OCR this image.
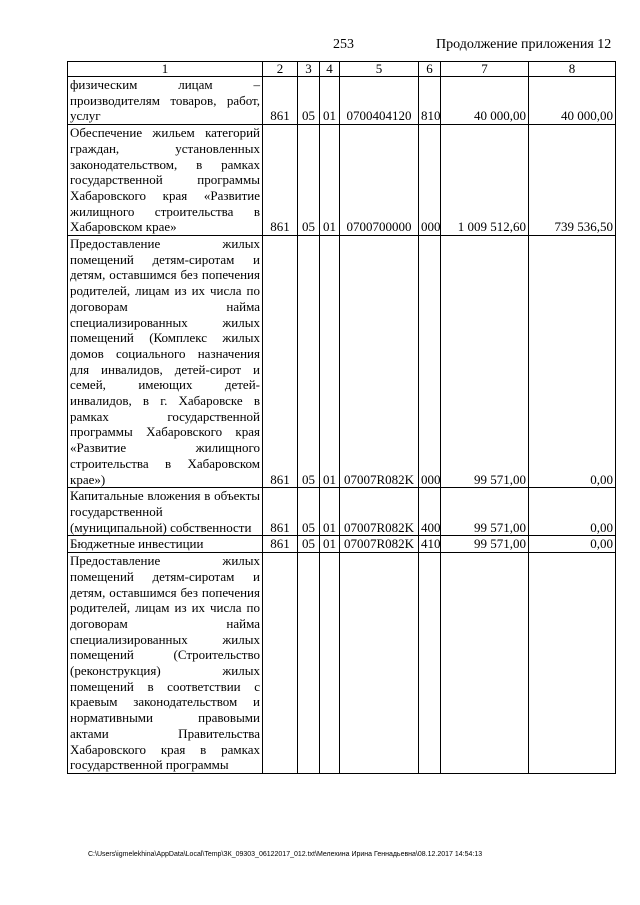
253	Продолжение приложения 12
1	2	3	4	5	6	7	8
физическим лицам – производителям товаров, работ, услуг	861	05	01	0700404120	810	40 000,00	40 000,00
Обеспечение жильем категорий граждан, установленных законодательством, в рамках государственной программы Хабаровского края «Развитие жилищного строительства в Хабаровском крае»	861	05	01	0700700000	000	1 009 512,60	739 536,50
Предоставление жилых помещений детям-сиротам и детям, оставшимся без попечения родителей, лицам из их числа по договорам найма специализированных жилых помещений (Комплекс жилых домов социального назначения для инвалидов, детей-сирот и семей, имеющих детей-инвалидов, в г. Хабаровске в рамках государственной программы Хабаровского края «Развитие жилищного строительства в Хабаровском крае»)	861	05	01	07007R082K	000	99 571,00	0,00
Капитальные вложения в объекты государственной (муниципальной) собственности	861	05	01	07007R082K	400	99 571,00	0,00
Бюджетные инвестиции	861	05	01	07007R082K	410	99 571,00	0,00
Предоставление жилых помещений детям-сиротам и детям, оставшимся без попечения родителей, лицам из их числа по договорам найма специализированных жилых помещений (Строительство (реконструкция) жилых помещений в соответствии с краевым законодательством и нормативными правовыми актами Правительства Хабаровского края в рамках государственной программы							
C:\Users\igmelekhina\AppData\Local\Temp\ЗК_09303_06122017_012.txt\Мелехина Ирина Геннадьевна\08.12.2017 14:54:13
